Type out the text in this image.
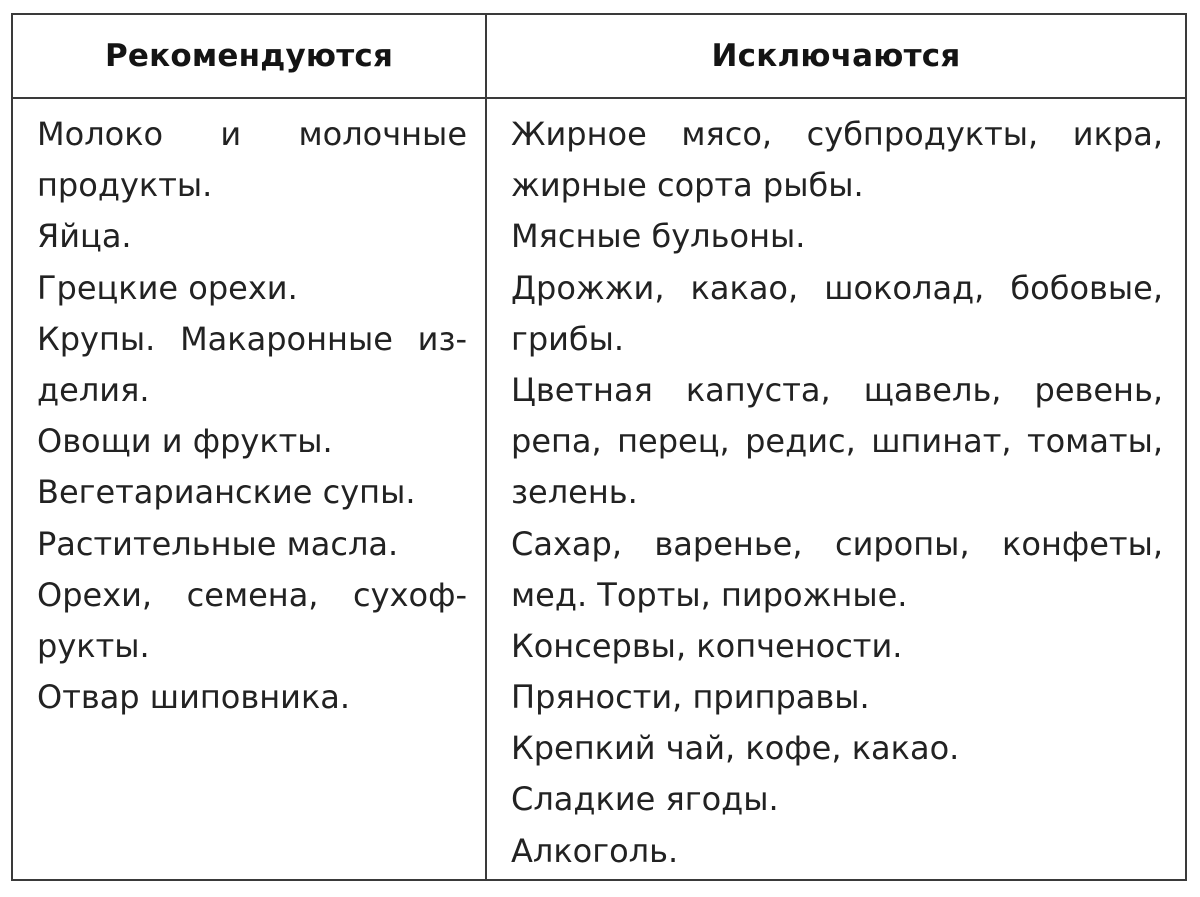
Рекомендуются	Исключаются
Молоко и молочные
продукты.
Яйца.
Грецкие орехи.
Крупы. Макаронные из-
делия.
Овощи и фрукты.
Вегетарианские супы.
Растительные масла.
Орехи, семена, сухоф-
рукты.
Отвар шиповника.
Жирное мясо, субпродукты, икра,
жирные сорта рыбы.
Мясные бульоны.
Дрожжи, какао, шоколад, бобовые,
грибы.
Цветная капуста, щавель, ревень,
репа, перец, редис, шпинат, томаты,
зелень.
Сахар, варенье, сиропы, конфеты,
мед. Торты, пирожные.
Консервы, копчености.
Пряности, приправы.
Крепкий чай, кофе, какао.
Сладкие ягоды.
Алкоголь.
